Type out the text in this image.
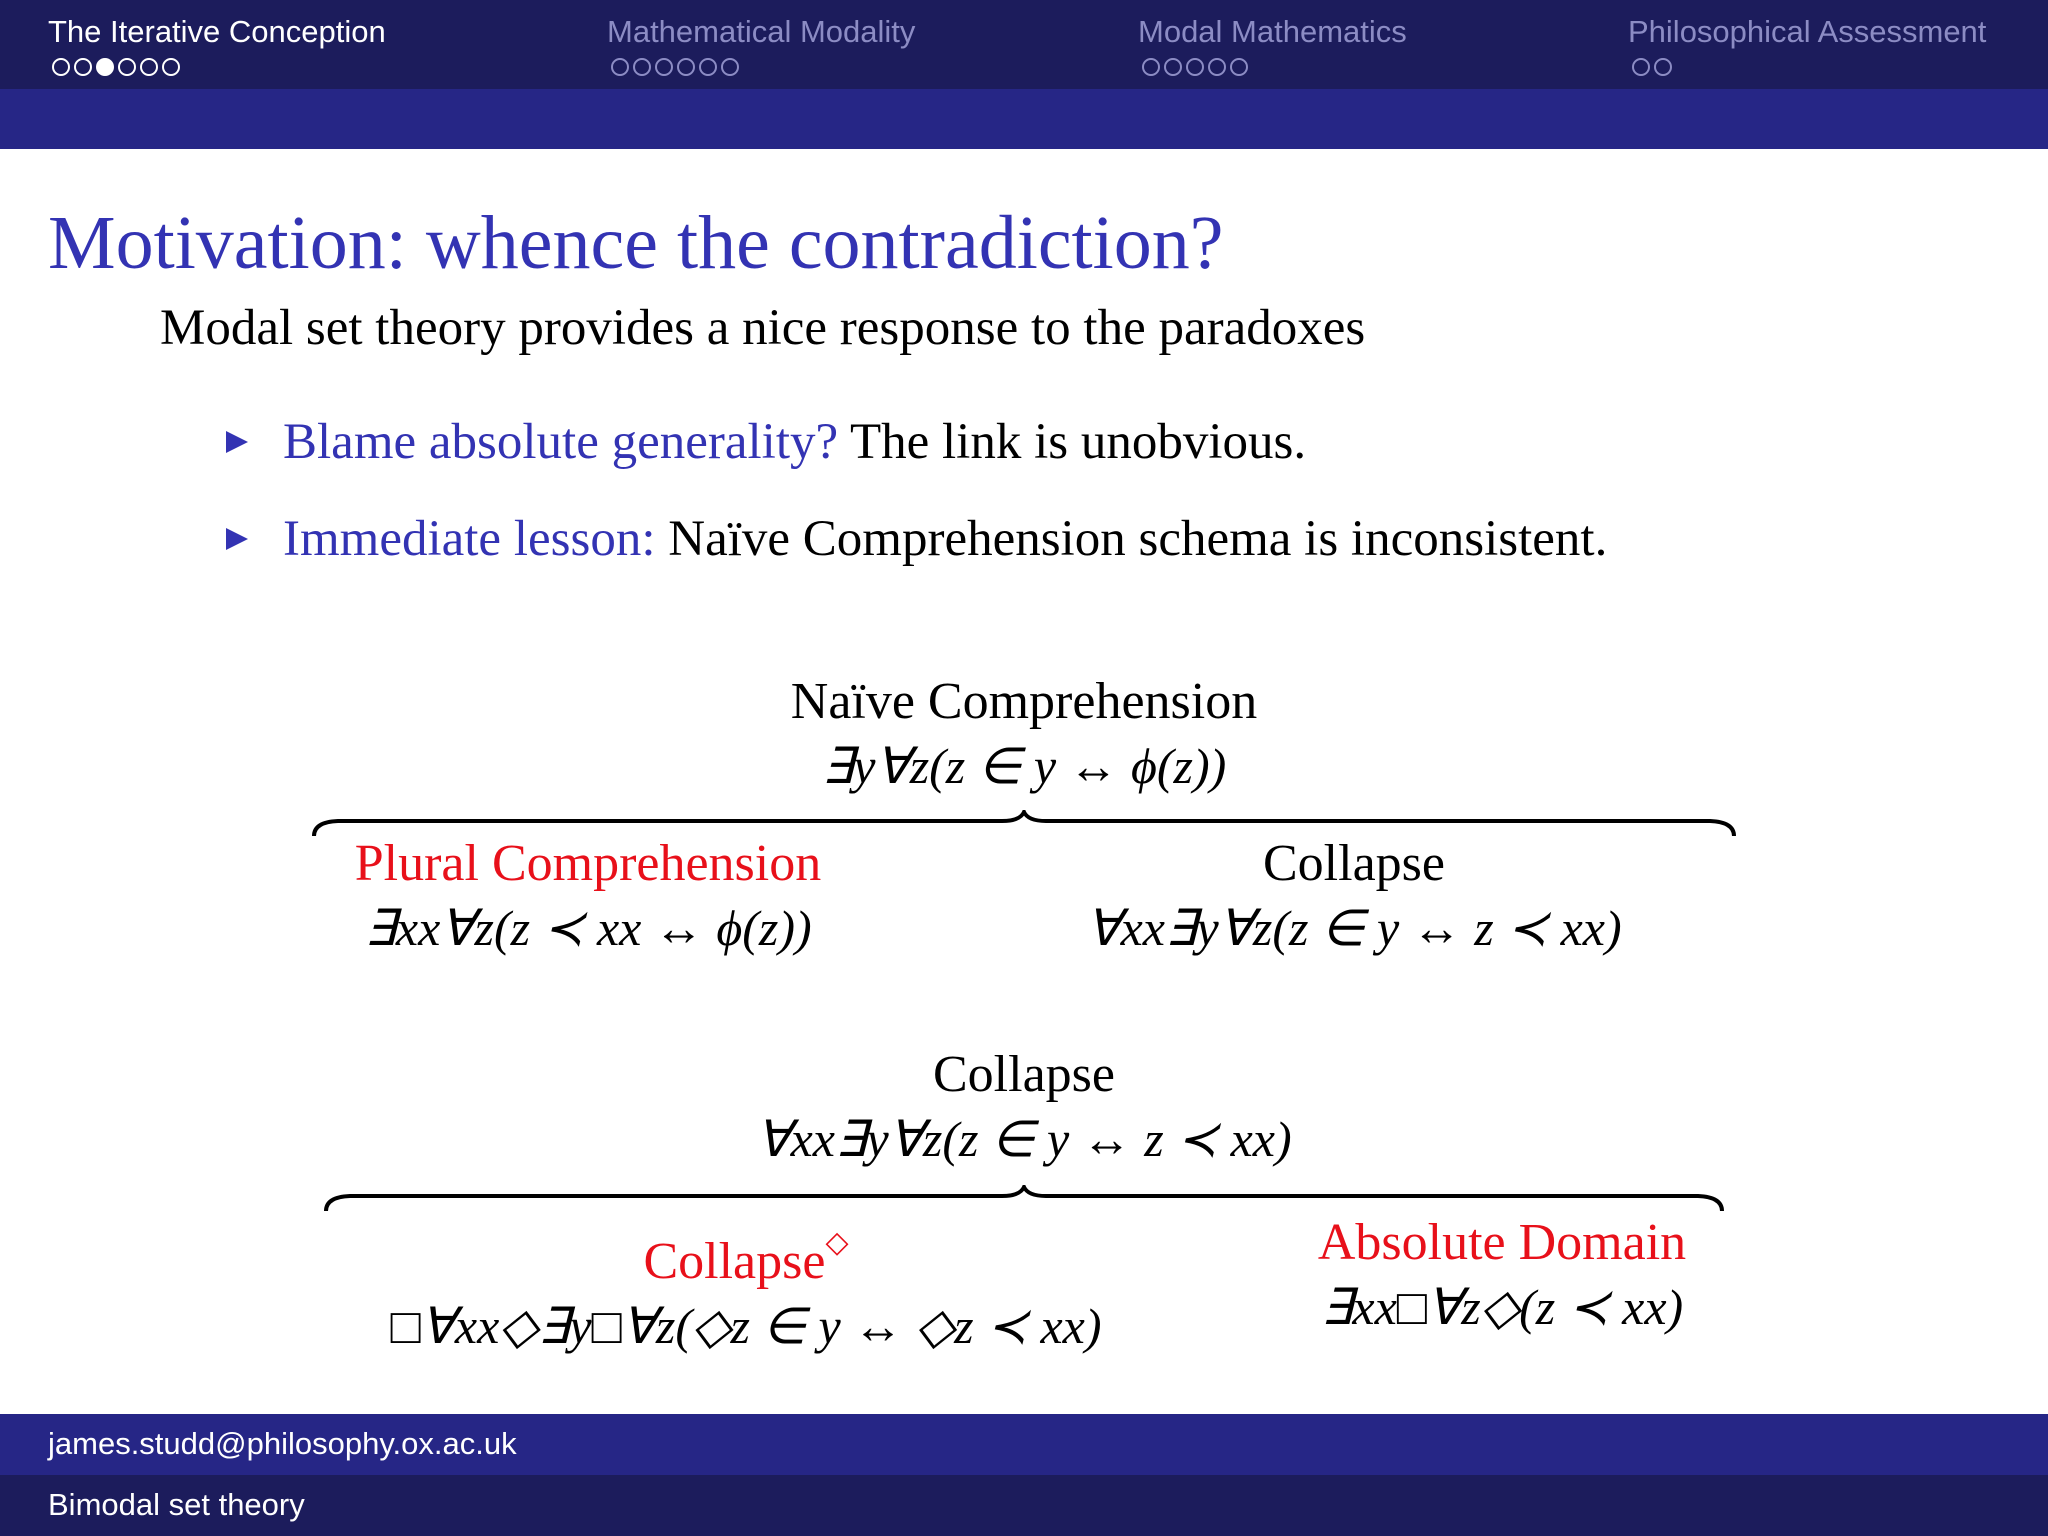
The Iterative Conception	Mathematical Modality	Modal Mathematics	Philosophical Assessment
Motivation: whence the contradiction?
Modal set theory provides a nice response to the paradoxes
Blame absolute generality? The link is unobvious.
Immediate lesson: Naïve Comprehension schema is inconsistent.
Naïve Comprehension
∃y∀z(z ∈ y ↔ ϕ(z))
Plural Comprehension
∃xx∀z(z ≺ xx ↔ ϕ(z))
Collapse
∀xx∃y∀z(z ∈ y ↔ z ≺ xx)
Collapse
∀xx∃y∀z(z ∈ y ↔ z ≺ xx)
Collapse◇
□∀xx◇∃y□∀z(◇z ∈ y ↔ ◇z ≺ xx)
Absolute Domain
∃xx□∀z◇(z ≺ xx)
james.studd@philosophy.ox.ac.uk
Bimodal set theory
